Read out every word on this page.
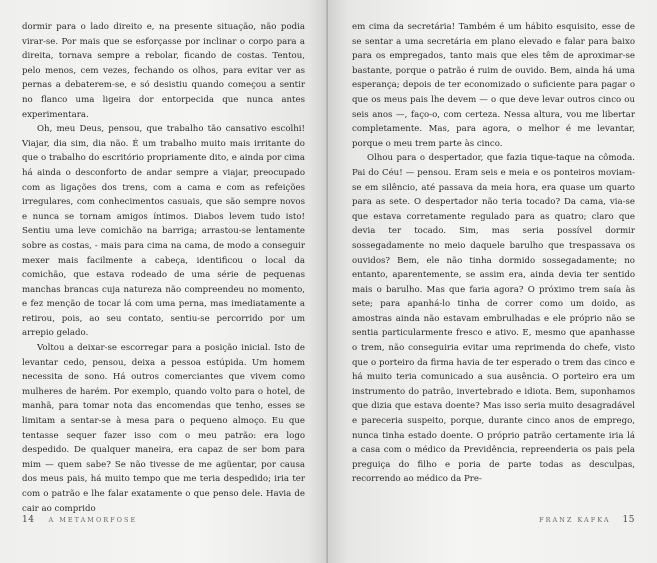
dormir para o lado direito e, na presente situação, não podia virar-se. Por mais que se esforçasse por inclinar o corpo para a direita, tornava sempre a rebolar, ficando de costas. Tentou, pelo menos, cem vezes, fechando os olhos, para evitar ver as pernas a debaterem-se, e só desistiu quando começou a sentir no flanco uma ligeira dor entorpecida que nunca antes experimentara.

Oh, meu Deus, pensou, que trabalho tão cansativo escolhi! Viajar, dia sim, dia não. É um trabalho muito mais irritante do que o trabalho do escritório propriamente dito, e ainda por cima há ainda o desconforto de andar sempre a viajar, preocupado com as ligações dos trens, com a cama e com as refeições irregulares, com conhecimentos casuais, que são sempre novos e nunca se tornam amigos íntimos. Diabos levem tudo isto! Sentiu uma leve comichão na barriga; arrastou-se lentamente sobre as costas, - mais para cima na cama, de modo a conseguir mexer mais facilmente a cabeça, identificou o local da comichão, que estava rodeado de uma série de pequenas manchas brancas cuja natureza não compreendeu no momento, e fez menção de tocar lá com uma perna, mas imediatamente a retirou, pois, ao seu contato, sentiu-se percorrido por um arrepio gelado.

Voltou a deixar-se escorregar para a posição inicial. Isto de levantar cedo, pensou, deixa a pessoa estúpida. Um homem necessita de sono. Há outros comerciantes que vivem como mulheres de harém. Por exemplo, quando volto para o hotel, de manhã, para tomar nota das encomendas que tenho, esses se limitam a sentar-se à mesa para o pequeno almoço. Eu que tentasse sequer fazer isso com o meu patrão: era logo despedido. De qualquer maneira, era capaz de ser bom para mim — quem sabe? Se não tivesse de me agüentar, por causa dos meus pais, há muito tempo que me teria despedido; iria ter com o patrão e lhe falar exatamente o que penso dele. Havia de cair ao comprido

14 A METAMORFOSE

em cima da secretária! Também é um hábito esquisito, esse de se sentar a uma secretária em plano elevado e falar para baixo para os empregados, tanto mais que eles têm de aproximar-se bastante, porque o patrão é ruim de ouvido. Bem, ainda há uma esperança; depois de ter economizado o suficiente para pagar o que os meus pais lhe devem — o que deve levar outros cinco ou seis anos —, faço-o, com certeza. Nessa altura, vou me libertar completamente. Mas, para agora, o melhor é me levantar, porque o meu trem parte às cinco.

Olhou para o despertador, que fazia tique-taque na cômoda. Pai do Céu! — pensou. Eram seis e meia e os ponteiros moviam-se em silêncio, até passava da meia hora, era quase um quarto para as sete. O despertador não teria tocado? Da cama, via-se que estava corretamente regulado para as quatro; claro que devia ter tocado. Sim, mas seria possível dormir sossegadamente no meio daquele barulho que trespassava os ouvidos? Bem, ele não tinha dormido sossegadamente; no entanto, aparentemente, se assim era, ainda devia ter sentido mais o barulho. Mas que faria agora? O próximo trem saía às sete; para apanhá-lo tinha de correr como um doido, as amostras ainda não estavam embrulhadas e ele próprio não se sentia particularmente fresco e ativo. E, mesmo que apanhasse o trem, não conseguiria evitar uma reprimenda do chefe, visto que o porteiro da firma havia de ter esperado o trem das cinco e há muito teria comunicado a sua ausência. O porteiro era um instrumento do patrão, invertebrado e idiota. Bem, suponhamos que dizia que estava doente? Mas isso seria muito desagradável e pareceria suspeito, porque, durante cinco anos de emprego, nunca tinha estado doente. O próprio patrão certamente iria lá a casa com o médico da Previdência, repreenderia os pais pela preguiça do filho e poria de parte todas as desculpas, recorrendo ao médico da Pre-

FRANZ KAFKA 15
